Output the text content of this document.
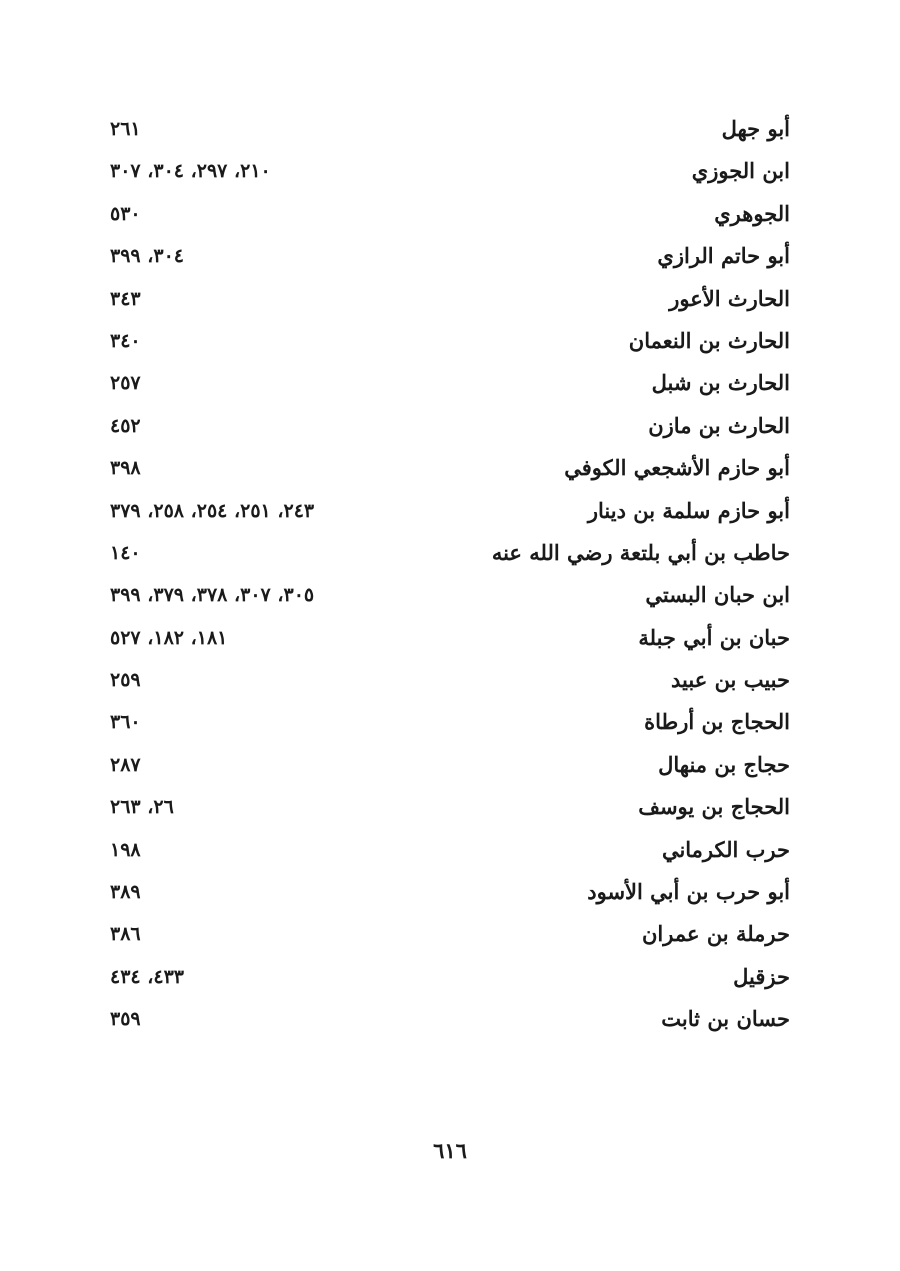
أبو جهل
٢٦١
ابن الجوزي
٢١٠، ٢٩٧، ٣٠٤، ٣٠٧
الجوهري
٥٣٠
أبو حاتم الرازي
٣٠٤، ٣٩٩
الحارث الأعور
٣٤٣
الحارث بن النعمان
٣٤٠
الحارث بن شبل
٢٥٧
الحارث بن مازن
٤٥٢
أبو حازم الأشجعي الكوفي
٣٩٨
أبو حازم سلمة بن دينار
٢٤٣، ٢٥١، ٢٥٤، ٢٥٨، ٣٧٩
حاطب بن أبي بلتعة رضي الله عنه
١٤٠
ابن حبان البستي
٣٠٥، ٣٠٧، ٣٧٨، ٣٧٩، ٣٩٩
حبان بن أبي جبلة
١٨١، ١٨٢، ٥٢٧
حبيب بن عبيد
٢٥٩
الحجاج بن أرطاة
٣٦٠
حجاج بن منهال
٢٨٧
الحجاج بن يوسف
٢٦، ٢٦٣
حرب الكرماني
١٩٨
أبو حرب بن أبي الأسود
٣٨٩
حرملة بن عمران
٣٨٦
حزقيل
٤٣٣، ٤٣٤
حسان بن ثابت
٣٥٩
٦١٦
